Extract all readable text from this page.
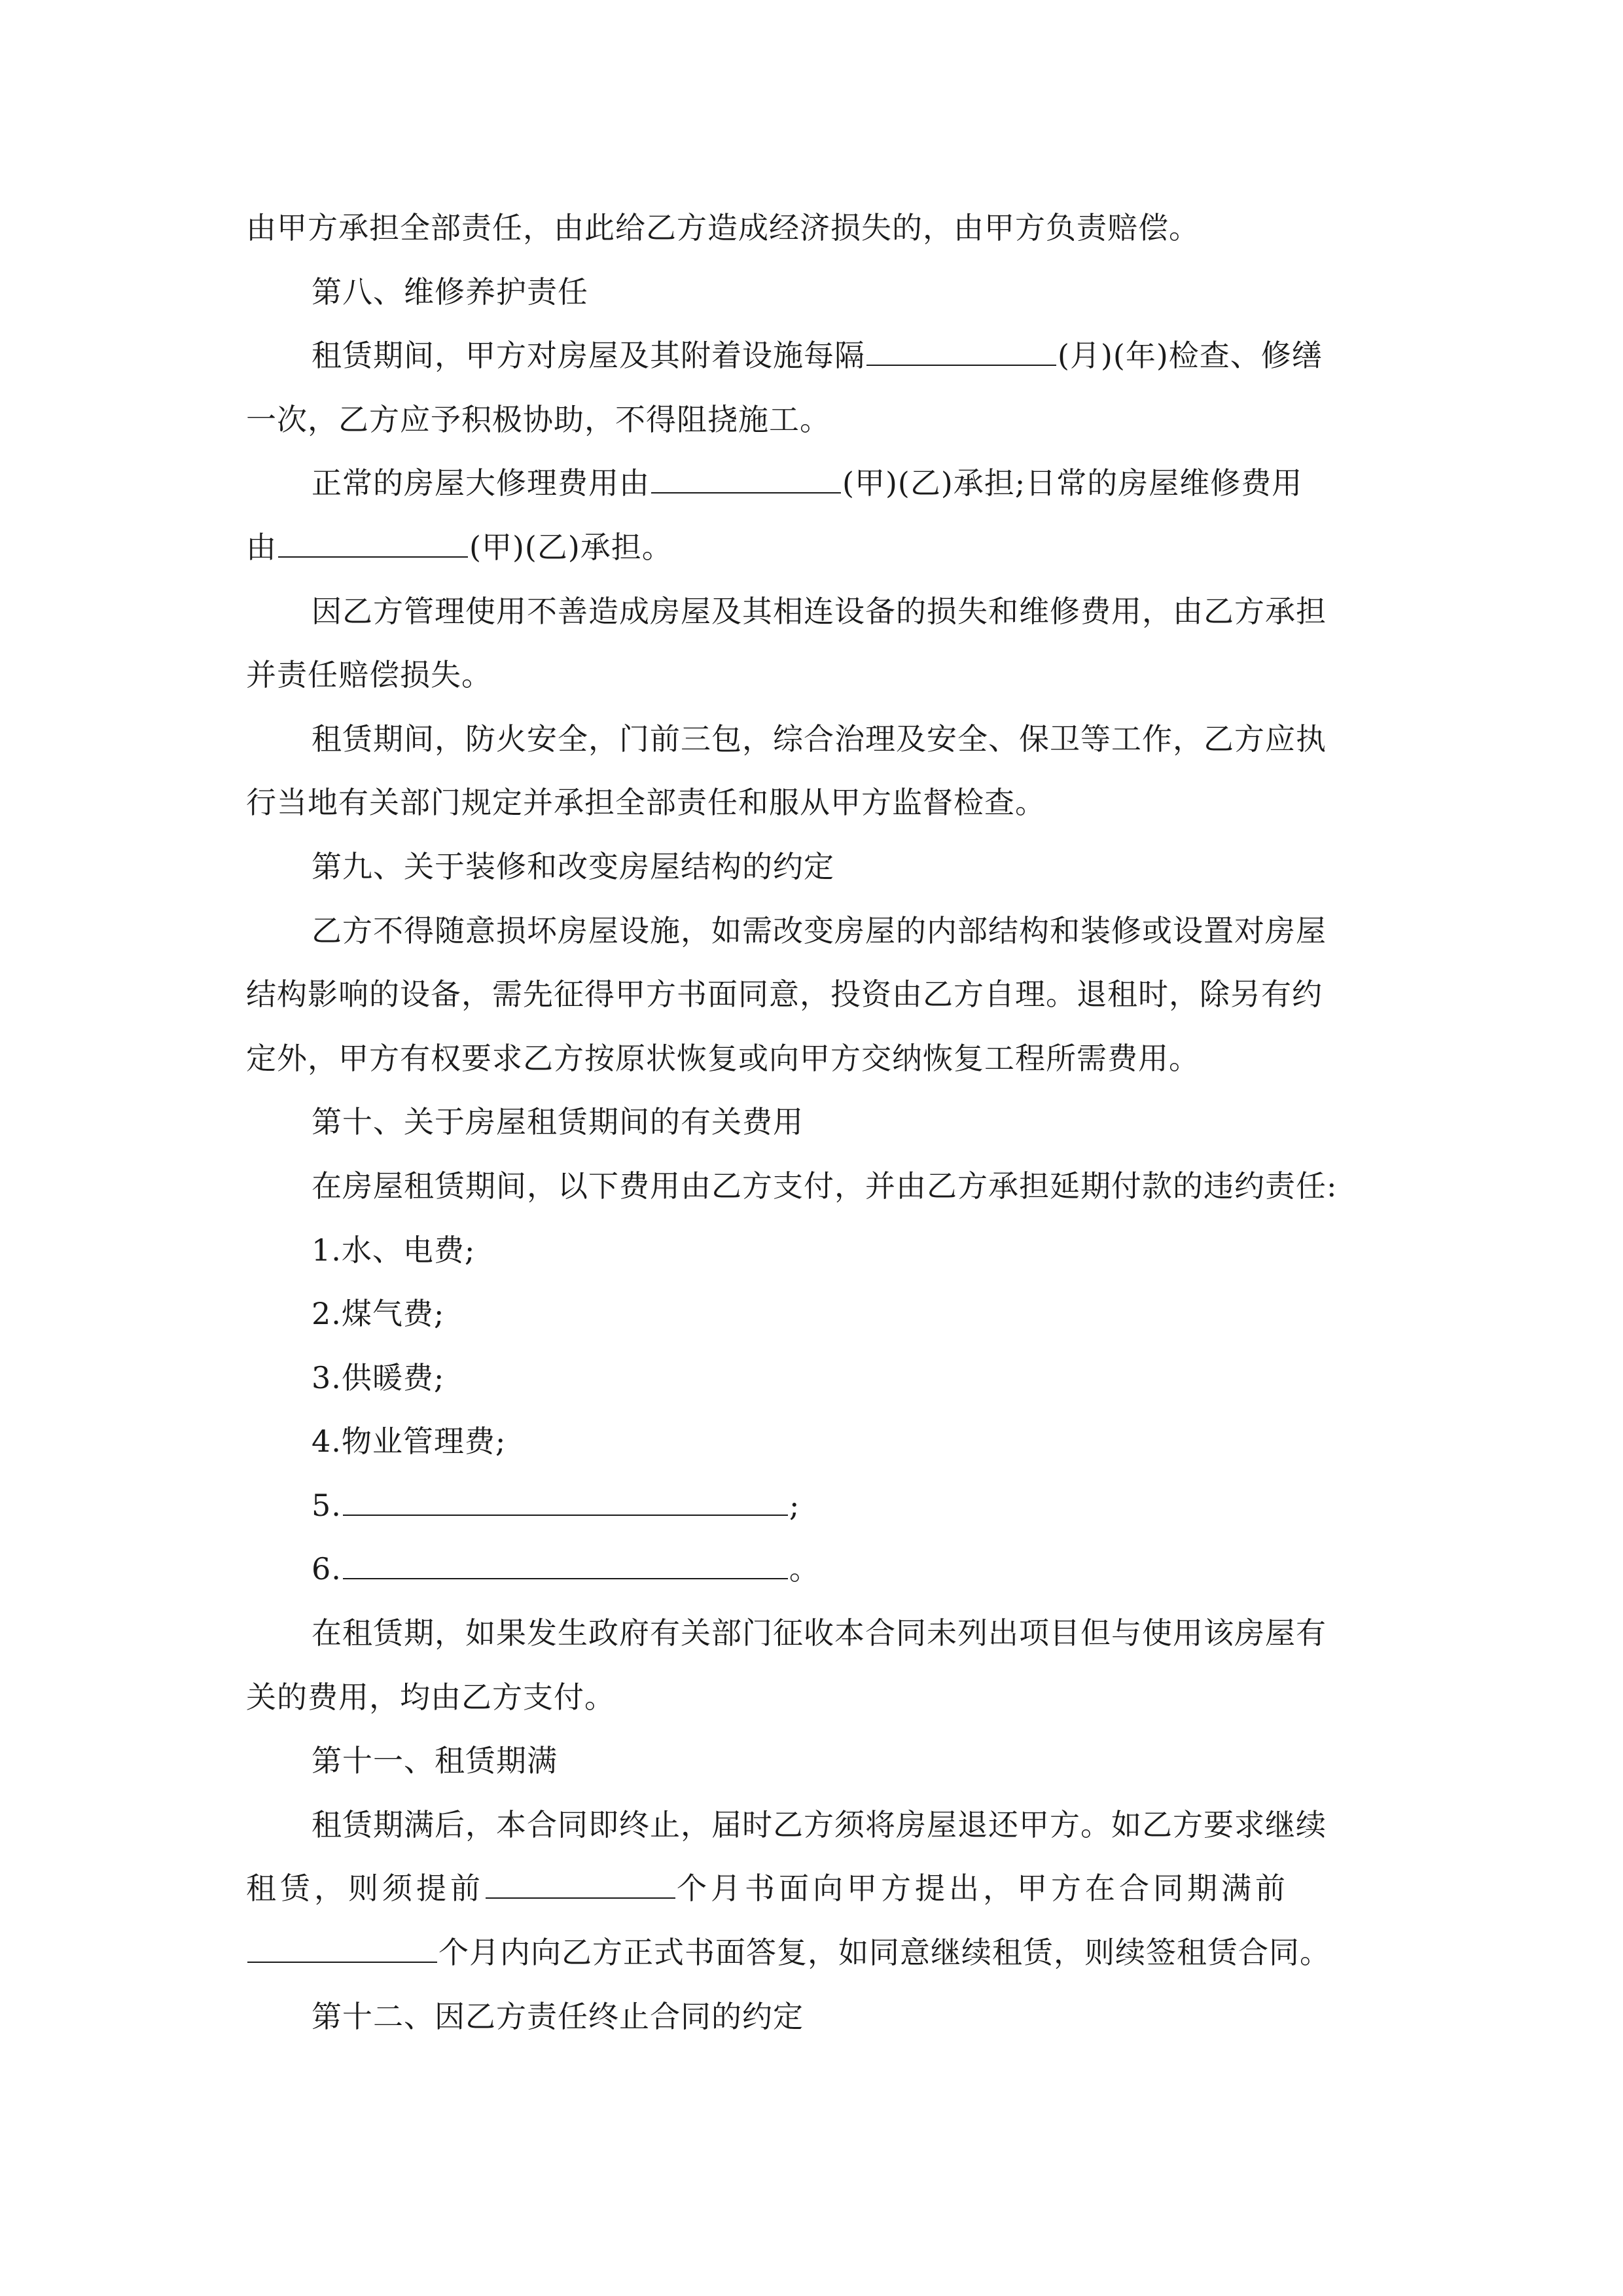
由甲方承担全部责任，由此给乙方造成经济损失的，由甲方负责赔偿。
第八、维修养护责任
租赁期间，甲方对房屋及其附着设施每隔	(月)(年)检查、修缮
一次，乙方应予积极协助，不得阻挠施工。
正常的房屋大修理费用由	(甲)(乙)承担;日常的房屋维修费用
由	(甲)(乙)承担。
因乙方管理使用不善造成房屋及其相连设备的损失和维修费用，由乙方承担
并责任赔偿损失。
租赁期间，防火安全，门前三包，综合治理及安全、保卫等工作，乙方应执
行当地有关部门规定并承担全部责任和服从甲方监督检查。
第九、关于装修和改变房屋结构的约定
乙方不得随意损坏房屋设施，如需改变房屋的内部结构和装修或设置对房屋
结构影响的设备，需先征得甲方书面同意，投资由乙方自理。退租时，除另有约
定外，甲方有权要求乙方按原状恢复或向甲方交纳恢复工程所需费用。
第十、关于房屋租赁期间的有关费用
在房屋租赁期间，以下费用由乙方支付，并由乙方承担延期付款的违约责任:
1.水、电费;
2.煤气费;
3.供暖费;
4.物业管理费;
5.	;
6.	。
在租赁期，如果发生政府有关部门征收本合同未列出项目但与使用该房屋有
关的费用，均由乙方支付。
第十一、租赁期满
租赁期满后，本合同即终止，届时乙方须将房屋退还甲方。如乙方要求继续
租赁，则须提前	个月书面向甲方提出，甲方在合同期满前
个月内向乙方正式书面答复，如同意继续租赁，则续签租赁合同。
第十二、因乙方责任终止合同的约定
